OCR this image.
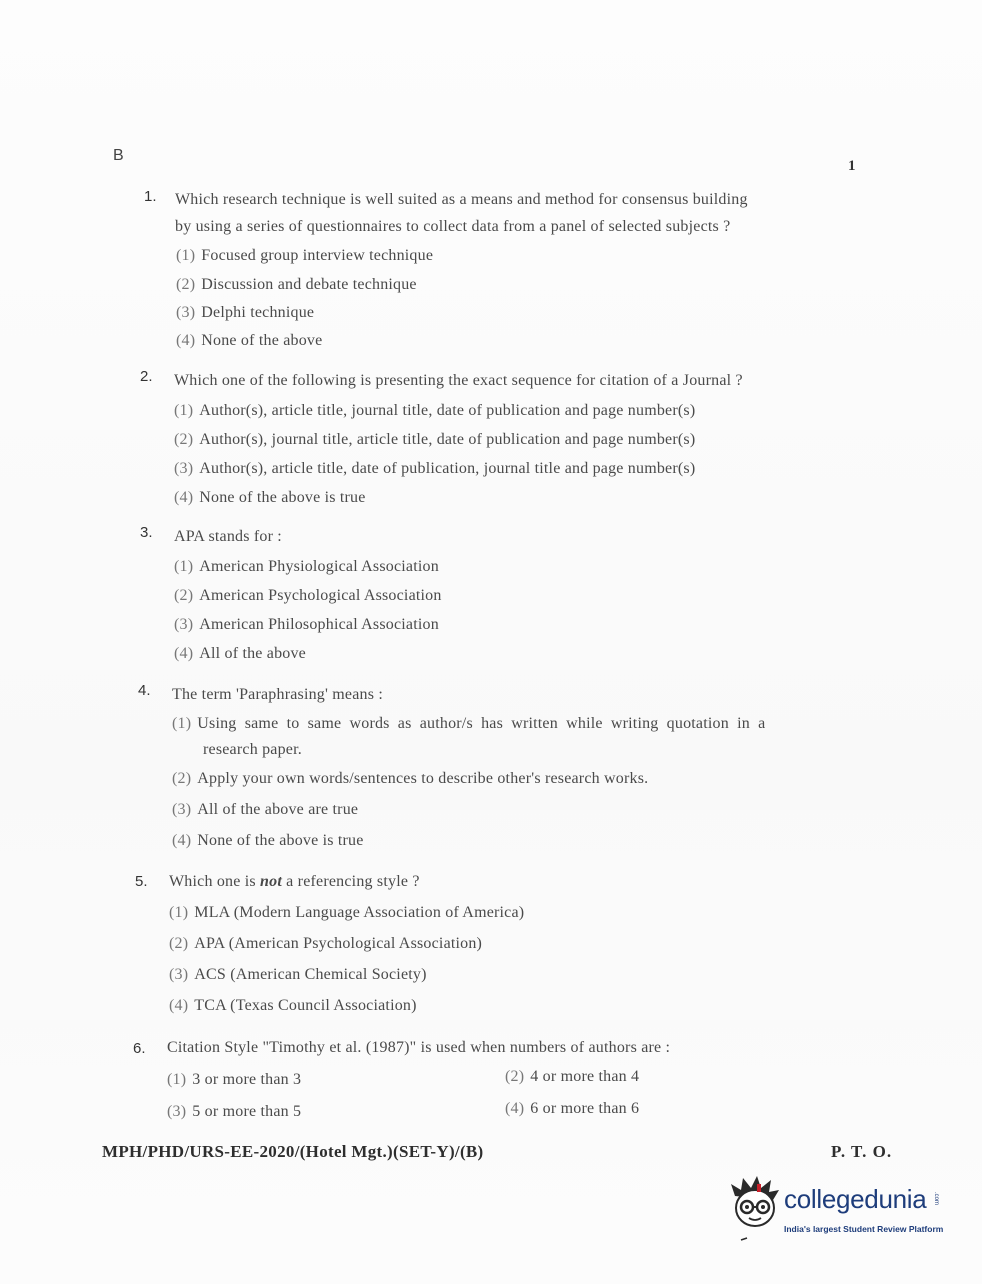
B
1
1. Which research technique is well suited as a means and method for consensus building
by using a series of questionnaires to collect data from a panel of selected subjects ?
(1) Focused group interview technique
(2) Discussion and debate technique
(3) Delphi technique
(4) None of the above
2. Which one of the following is presenting the exact sequence for citation of a Journal ?
(1) Author(s), article title, journal title, date of publication and page number(s)
(2) Author(s), journal title, article title, date of publication and page number(s)
(3) Author(s), article title, date of publication, journal title and page number(s)
(4) None of the above is true
3. APA stands for :
(1) American Physiological Association
(2) American Psychological Association
(3) American Philosophical Association
(4) All of the above
4. The term 'Paraphrasing' means :
(1) Using same to same words as author/s has written while writing quotation in a
research paper.
(2) Apply your own words/sentences to describe other's research works.
(3) All of the above are true
(4) None of the above is true
5. Which one is not a referencing style ?
(1) MLA (Modern Language Association of America)
(2) APA (American Psychological Association)
(3) ACS (American Chemical Society)
(4) TCA (Texas Council Association)
6. Citation Style "Timothy et al. (1987)" is used when numbers of authors are :
(1) 3 or more than 3	(2) 4 or more than 4
(3) 5 or more than 5	(4) 6 or more than 6
MPH/PHD/URS-EE-2020/(Hotel Mgt.)(SET-Y)/(B)	P. T. O.
collegedunia .com
India's largest Student Review Platform
